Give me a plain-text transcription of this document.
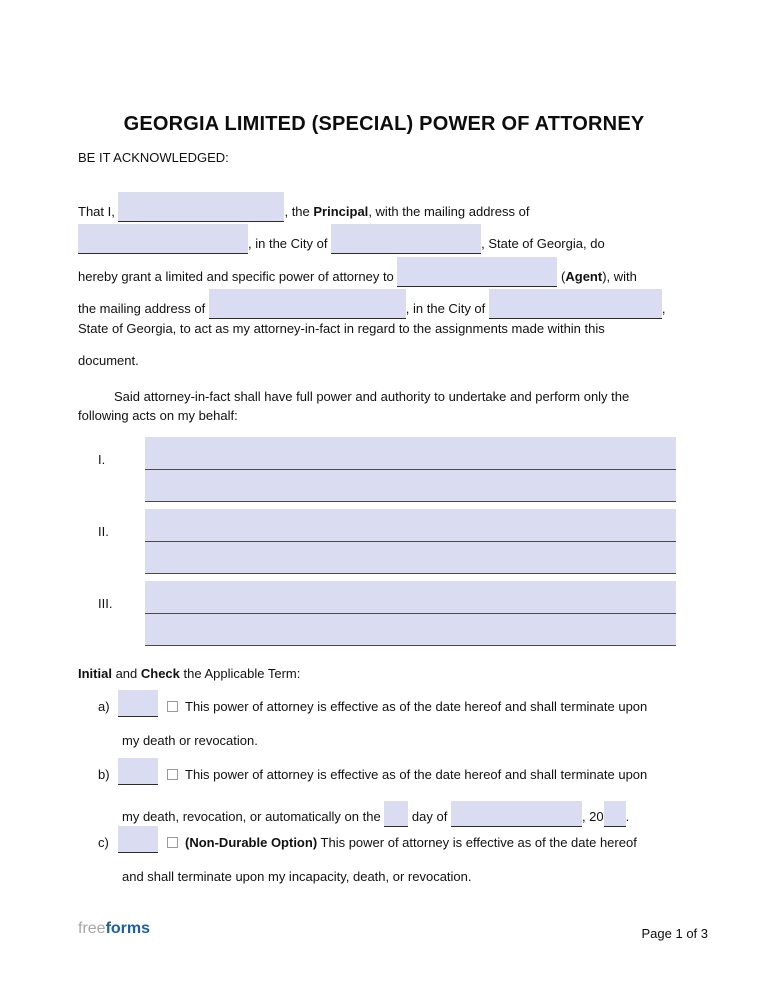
GEORGIA LIMITED (SPECIAL) POWER OF ATTORNEY
BE IT ACKNOWLEDGED:
That I,	, the Principal, with the mailing address of
, in the City of	, State of Georgia, do
hereby grant a limited and specific power of attorney to	(Agent), with
the mailing address of	, in the City of	,
State of Georgia, to act as my attorney-in-fact in regard to the assignments made within this
document.
Said attorney-in-fact shall have full power and authority to undertake and perform only the
following acts on my behalf:
I.
II.
III.
Initial and Check the Applicable Term:
a)	This power of attorney is effective as of the date hereof and shall terminate upon
my death or revocation.
b)	This power of attorney is effective as of the date hereof and shall terminate upon
my death, revocation, or automatically on the  day of	, 20 .
c)	(Non-Durable Option) This power of attorney is effective as of the date hereof
and shall terminate upon my incapacity, death, or revocation.
freeforms	Page 1 of 3
